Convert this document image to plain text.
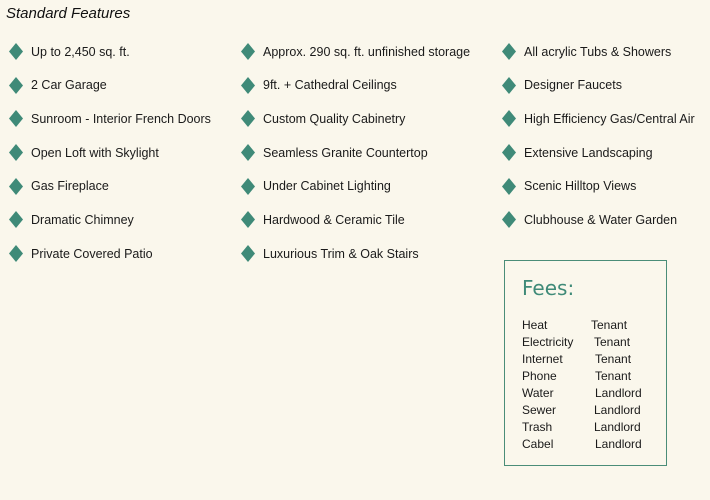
Standard Features
Up to 2,450 sq. ft.
2 Car Garage
Sunroom - Interior French Doors
Open Loft with Skylight
Gas Fireplace
Dramatic Chimney
Private Covered Patio
Approx. 290 sq. ft. unfinished storage
9ft. + Cathedral Ceilings
Custom Quality Cabinetry
Seamless Granite Countertop
Under Cabinet Lighting
Hardwood & Ceramic Tile
Luxurious Trim & Oak Stairs
All acrylic Tubs & Showers
Designer Faucets
High Efficiency Gas/Central Air
Extensive Landscaping
Scenic Hilltop Views
Clubhouse & Water Garden
Fees:
Heat	Tenant
Electricity Tenant
Internet	Tenant
Phone	Tenant
Water	Landlord
Sewer	Landlord
Trash	Landlord
Cabel	Landlord
